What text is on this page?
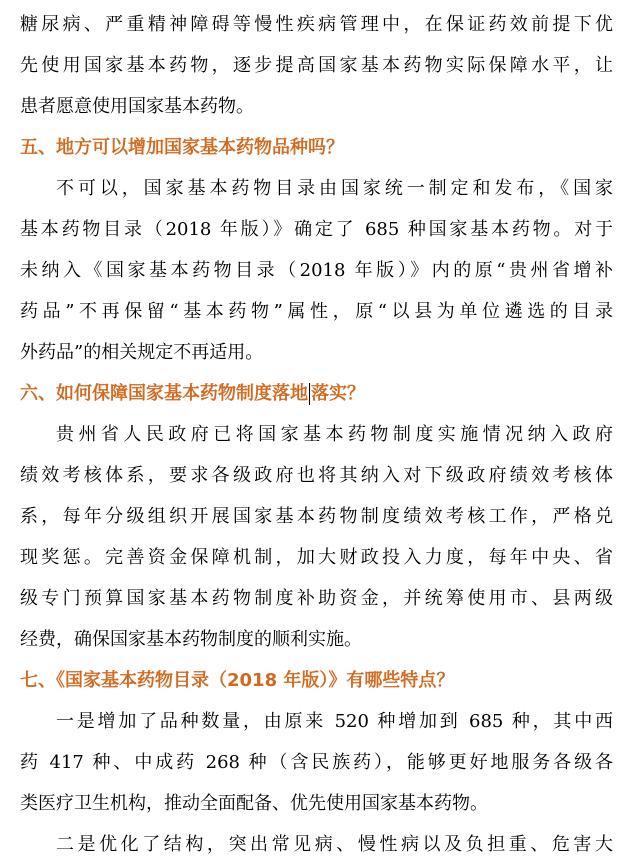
糖尿病、严重精神障碍等慢性疾病管理中，在保证药效前提下优
先使用国家基本药物，逐步提高国家基本药物实际保障水平，让
患者愿意使用国家基本药物。
五、地方可以增加国家基本药物品种吗？
不可以，国家基本药物目录由国家统一制定和发布，《国家
基本药物目录（2018 年版）》确定了 685 种国家基本药物。对于
未纳入《国家基本药物目录（2018 年版）》内的原“贵州省增补
药品”不再保留“基本药物”属性，原“以县为单位遴选的目录
外药品”的相关规定不再适用。
六、如何保障国家基本药物制度落地 落实？
贵州省人民政府已将国家基本药物制度实施情况纳入政府
绩效考核体系，要求各级政府也将其纳入对下级政府绩效考核体
系，每年分级组织开展国家基本药物制度绩效考核工作，严格兑
现奖惩。完善资金保障机制，加大财政投入力度，每年中央、省
级专门预算国家基本药物制度补助资金，并统筹使用市、县两级
经费，确保国家基本药物制度的顺利实施。
七、《国家基本药物目录（2018 年版）》有哪些特点？
一是增加了品种数量，由原来 520 种增加到 685 种，其中西
药 417 种、中成药 268 种（含民族药），能够更好地服务各级各
类医疗卫生机构，推动全面配备、优先使用国家基本药物。
二是优化了结构，突出常见病、慢性病以及负担重、危害大
